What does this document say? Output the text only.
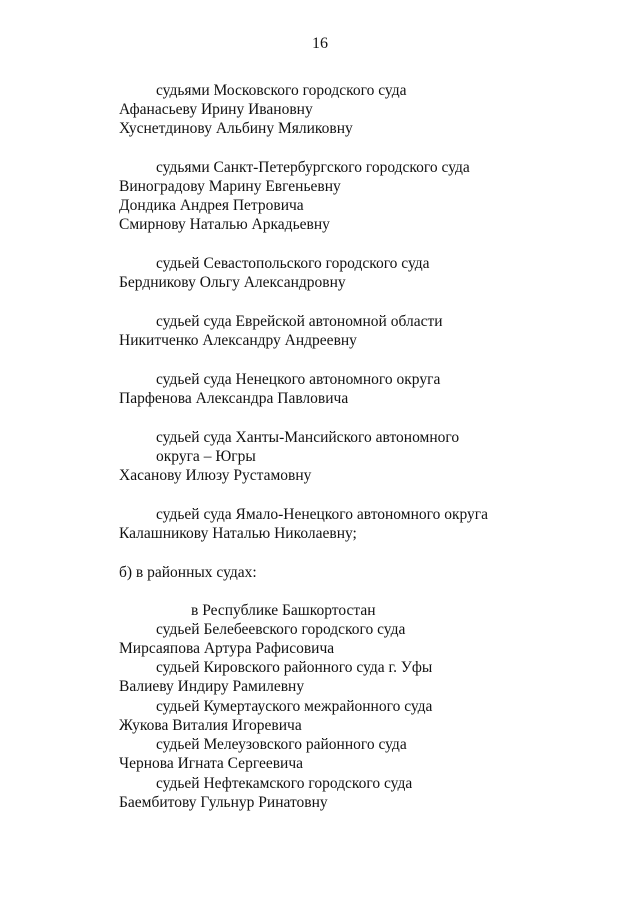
16
судьями Московского городского суда
Афанасьеву Ирину Ивановну
Хуснетдинову Альбину Мяликовну
судьями Санкт-Петербургского городского суда
Виноградову Марину Евгеньевну
Дондика Андрея Петровича
Смирнову Наталью Аркадьевну
судьей Севастопольского городского суда
Бердникову Ольгу Александровну
судьей суда Еврейской автономной области
Никитченко Александру Андреевну
судьей суда Ненецкого автономного округа
Парфенова Александра Павловича
судьей суда Ханты-Мансийского автономного
округа – Югры
Хасанову Илюзу Рустамовну
судьей суда Ямало-Ненецкого автономного округа
Калашникову Наталью Николаевну;
б) в районных судах:
в Республике Башкортостан
судьей Белебеевского городского суда
Мирсаяпова Артура Рафисовича
судьей Кировского районного суда г. Уфы
Валиеву Индиру Рамилевну
судьей Кумертауского межрайонного суда
Жукова Виталия Игоревича
судьей Мелеузовского районного суда
Чернова Игната Сергеевича
судьей Нефтекамского городского суда
Баембитову Гульнур Ринатовну
